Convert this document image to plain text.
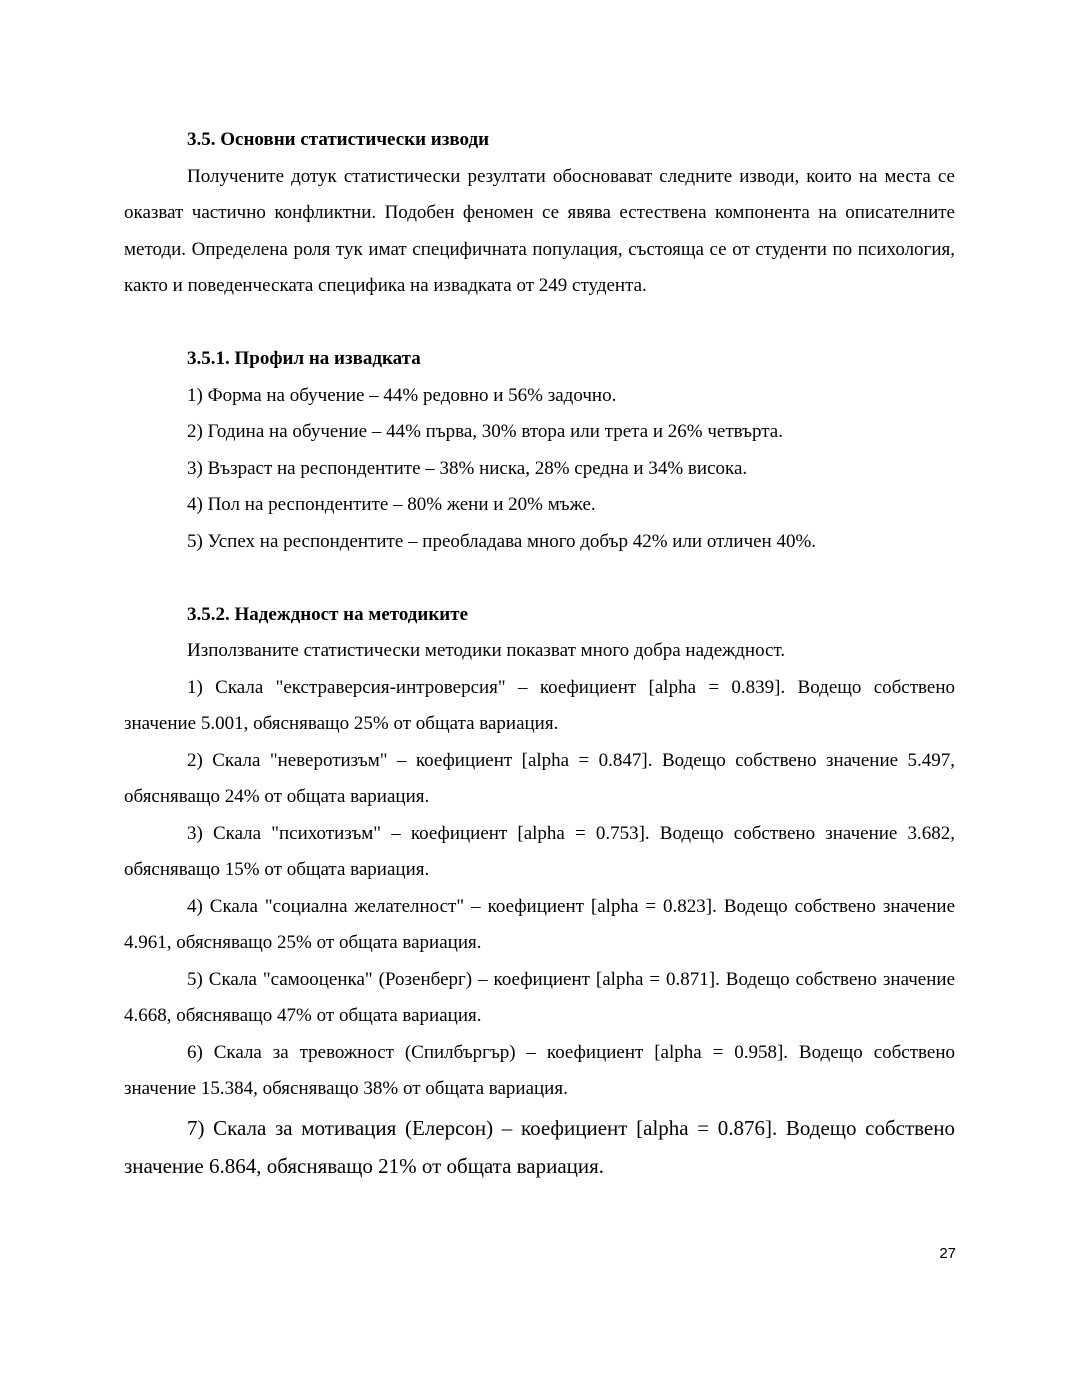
3.5. Основни статистически изводи

Получените дотук статистически резултати обосновават следните изводи, които на места се оказват частично конфликтни. Подобен феномен се явява естествена компонента на описателните методи. Определена роля тук имат специфичната популация, състояща се от студенти по психология, както и поведенческата специфика на извадката от 249 студента.

3.5.1. Профил на извадката

1) Форма на обучение – 44% редовно и 56% задочно.

2) Година на обучение – 44% първа, 30% втора или трета и 26% четвърта.

3) Възраст на респондентите – 38% ниска, 28% средна и 34% висока.

4) Пол на респондентите – 80% жени и 20% мъже.

5) Успех на респондентите – преобладава много добър 42% или отличен 40%.

3.5.2. Надеждност на методиките

Използваните статистически методики показват много добра надеждност.

1) Скала "екстраверсия-интроверсия" – коефициент [alpha = 0.839]. Водещо собствено значение 5.001, обясняващо 25% от общата вариация.

2) Скала "неверотизъм" – коефициент [alpha = 0.847]. Водещо собствено значение 5.497, обясняващо 24% от общата вариация.

3) Скала "психотизъм" – коефициент [alpha = 0.753]. Водещо собствено значение 3.682, обясняващо 15% от общата вариация.

4) Скала "социална желателност" – коефициент [alpha = 0.823]. Водещо собствено значение 4.961, обясняващо 25% от общата вариация.

5) Скала "самооценка" (Розенберг) – коефициент [alpha = 0.871]. Водещо собствено значение 4.668, обясняващо 47% от общата вариация.

6) Скала за тревожност (Спилбъргър) – коефициент [alpha = 0.958]. Водещо собствено значение 15.384, обясняващо 38% от общата вариация.

7) Скала за мотивация (Елерсон) – коефициент [alpha = 0.876]. Водещо собствено значение 6.864, обясняващо 21% от общата вариация.

27
